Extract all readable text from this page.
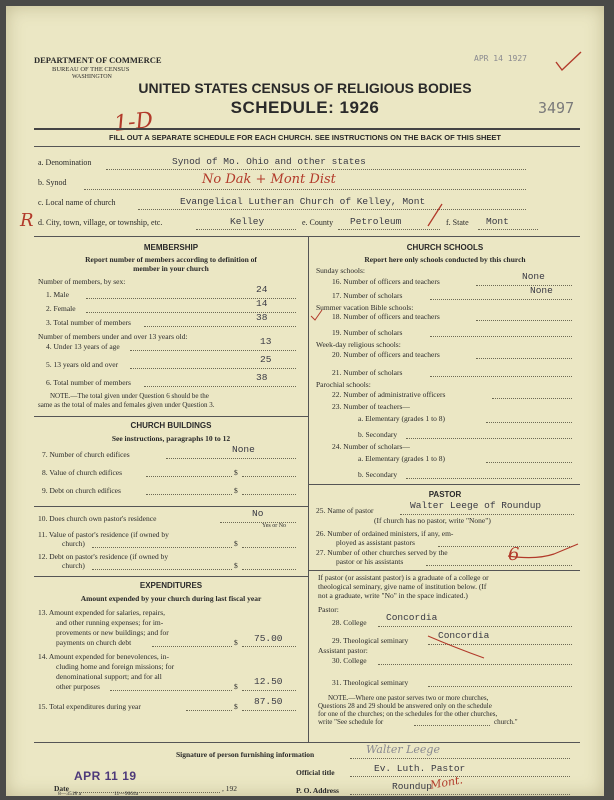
DEPARTMENT OF COMMERCE
BUREAU OF THE CENSUS
WASHINGTON
APR 14 1927
UNITED STATES CENSUS OF RELIGIOUS BODIES
SCHEDULE: 1926	3497
1-D
FILL OUT A SEPARATE SCHEDULE FOR EACH CHURCH. SEE INSTRUCTIONS ON THE BACK OF THIS SHEET
a. Denomination	Synod of Mo. Ohio and other states
b. Synod	No Dak + Mont Dist
c. Local name of church	Evangelical Lutheran Church of Kelley, Mont
R d. City, town, village, or township, etc.	Kelley	e. County Petroleum	f. State Mont
MEMBERSHIP
Report number of members according to definition of
member in your church
Number of members, by sex:
1. Male	24
2. Female	14
3. Total number of members	38
Number of members under and over 13 years old:
4. Under 13 years of age	13
5. 13 years old and over	25
6. Total number of members	38
NOTE.—The total given under Question 6 should be the
same as the total of males and females given under Question 3.
CHURCH BUILDINGS
See instructions, paragraphs 10 to 12
7. Number of church edifices	None
8. Value of church edifices	$
9. Debt on church edifices	$
10. Does church own pastor's residence	No
Yes or No
11. Value of pastor's residence (if owned by
church)	$
12. Debt on pastor's residence (if owned by
church)	$
EXPENDITURES
Amount expended by your church during last fiscal year
13. Amount expended for salaries, repairs,
and other running expenses; for im-
provements or new buildings; and for
payments on church debt	$ 75.00
14. Amount expended for benevolences, in-
cluding home and foreign missions; for
denominational support; and for all
other purposes	$ 12.50
15. Total expenditures during year	$ 87.50
CHURCH SCHOOLS
Report here only schools conducted by this church
Sunday schools:
16. Number of officers and teachers	None
17. Number of scholars	None
Summer vacation Bible schools:
18. Number of officers and teachers
19. Number of scholars
Week-day religious schools:
20. Number of officers and teachers
21. Number of scholars
Parochial schools:
22. Number of administrative officers
23. Number of teachers—
a. Elementary (grades 1 to 8)
b. Secondary
24. Number of scholars—
a. Elementary (grades 1 to 8)
b. Secondary
PASTOR
25. Name of pastor	Walter Leege of Roundup
(If church has no pastor, write "None")
26. Number of ordained ministers, if any, em-
ployed as assistant pastors
27. Number of other churches served by the
pastor or his assistants	6
If pastor (or assistant pastor) is a graduate of a college or
theological seminary, give name of institution below. (If
not a graduate, write "No" in the space indicated.)
Pastor:
28. College Concordia
29. Theological seminary	Concordia
Assistant pastor:
30. College
31. Theological seminary
NOTE.—Where one pastor serves two or more churches,
Questions 28 and 29 should be answered only on the schedule
for one of the churches; on the schedules for the other churches,
write "See schedule for	church."
Signature of person furnishing information	Walter Leege
Official title	Ev. Luth. Pastor
Date
APR 11 19
, 192	P. O. Address	Roundup
Mont.
8—3518 a	11—9664a
